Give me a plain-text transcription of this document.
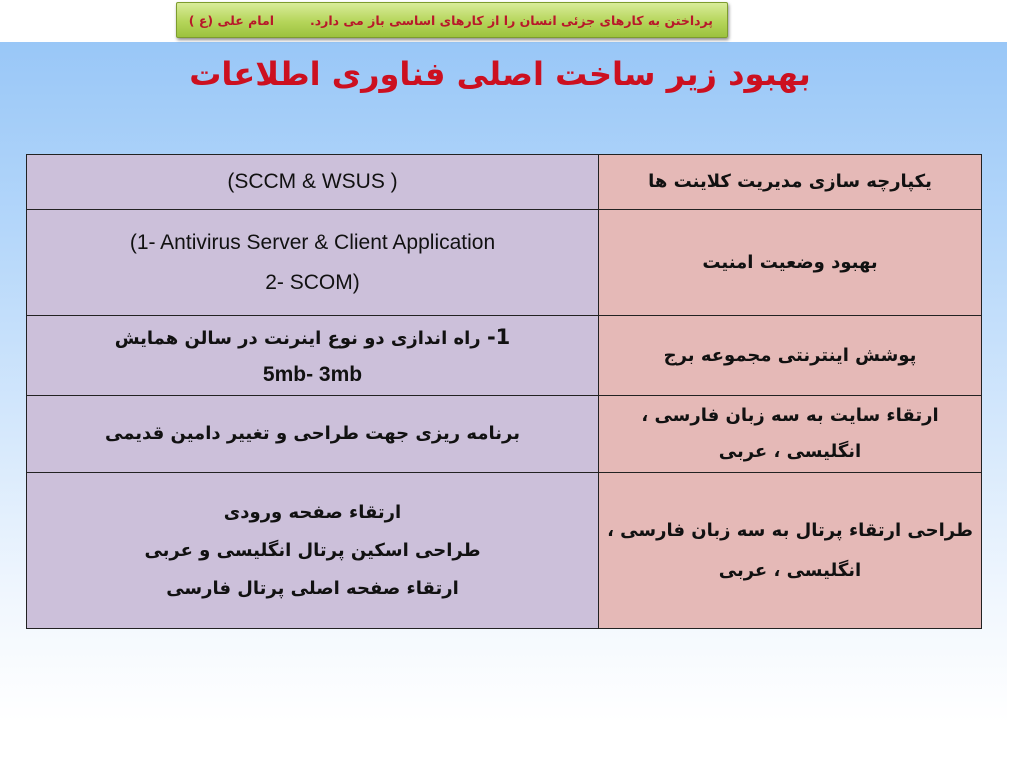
پرداختن به کارهای جزئی انسان را از کارهای اساسی باز می دارد.
امام علی (ع )
بهبود زیر ساخت اصلی فناوری اطلاعات
(SCCM & WSUS )	یکپارچه سازی مدیریت کلاینت ها

(1- Antivirus Server & Client Application
2- SCOM)	بهبود وضعیت امنیت

1- راه اندازی دو نوع اینرنت در سالن همایش
5mb- 3mb	پوشش اینترنتی مجموعه برج
برنامه ریزی جهت طراحی و تغییر دامین قدیمی	ارتقاء سایت به سه زبان فارسی ، انگلیسی ، عربی

ارتقاء صفحه ورودی
طراحی اسکین پرتال انگلیسی و عربی
ارتقاء صفحه اصلی پرتال فارسی	طراحی ارتقاء پرتال به سه زبان فارسی ، انگلیسی ، عربی
